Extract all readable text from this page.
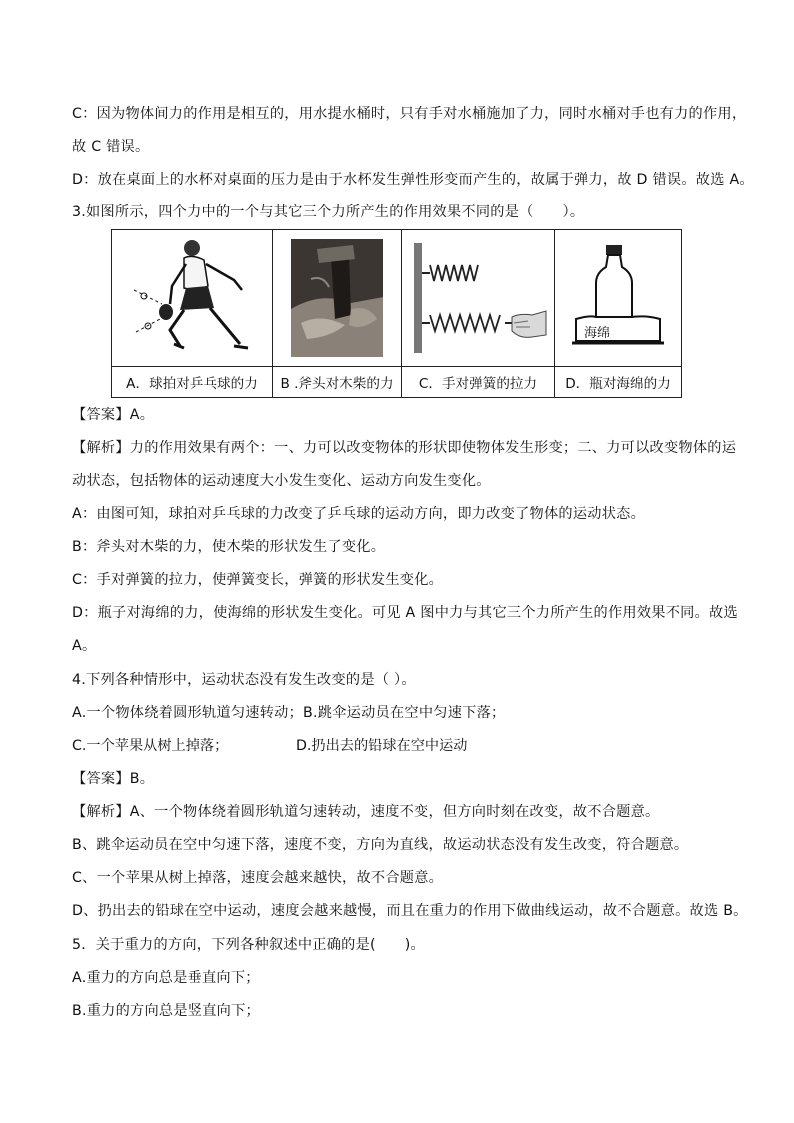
C：因为物体间力的作用是相互的，用水提水桶时，只有手对水桶施加了力，同时水桶对手也有力的作用，
故 C 错误。
D：放在桌面上的水杯对桌面的压力是由于水杯发生弹性形变而产生的，故属于弹力，故 D 错误。故选 A。
3.如图所示，四个力中的一个与其它三个力所产生的作用效果不同的是（　　）。

海绵

A．球拍对乒乓球的力	B .斧头对木柴的力	C．手对弹簧的拉力	D．瓶对海绵的力
【答案】A。
【解析】力的作用效果有两个：一、力可以改变物体的形状即使物体发生形变；二、力可以改变物体的运
动状态，包括物体的运动速度大小发生变化、运动方向发生变化。
A：由图可知，球拍对乒乓球的力改变了乒乓球的运动方向，即力改变了物体的运动状态。
B：斧头对木柴的力，使木柴的形状发生了变化。
C：手对弹簧的拉力，使弹簧变长，弹簧的形状发生变化。
D：瓶子对海绵的力，使海绵的形状发生变化。可见 A 图中力与其它三个力所产生的作用效果不同。故选
A。
4.下列各种情形中，运动状态没有发生改变的是（ ）。
A.一个物体绕着圆形轨道匀速转动；B.跳伞运动员在空中匀速下落；
C.一个苹果从树上掉落；	D.扔出去的铅球在空中运动
【答案】B。
【解析】A、一个物体绕着圆形轨道匀速转动，速度不变，但方向时刻在改变，故不合题意。
B、跳伞运动员在空中匀速下落，速度不变，方向为直线，故运动状态没有发生改变，符合题意。
C、一个苹果从树上掉落，速度会越来越快，故不合题意。
D、扔出去的铅球在空中运动，速度会越来越慢，而且在重力的作用下做曲线运动，故不合题意。故选 B。
5．关于重力的方向，下列各种叙述中正确的是(　　)。
A.重力的方向总是垂直向下；
B.重力的方向总是竖直向下；
